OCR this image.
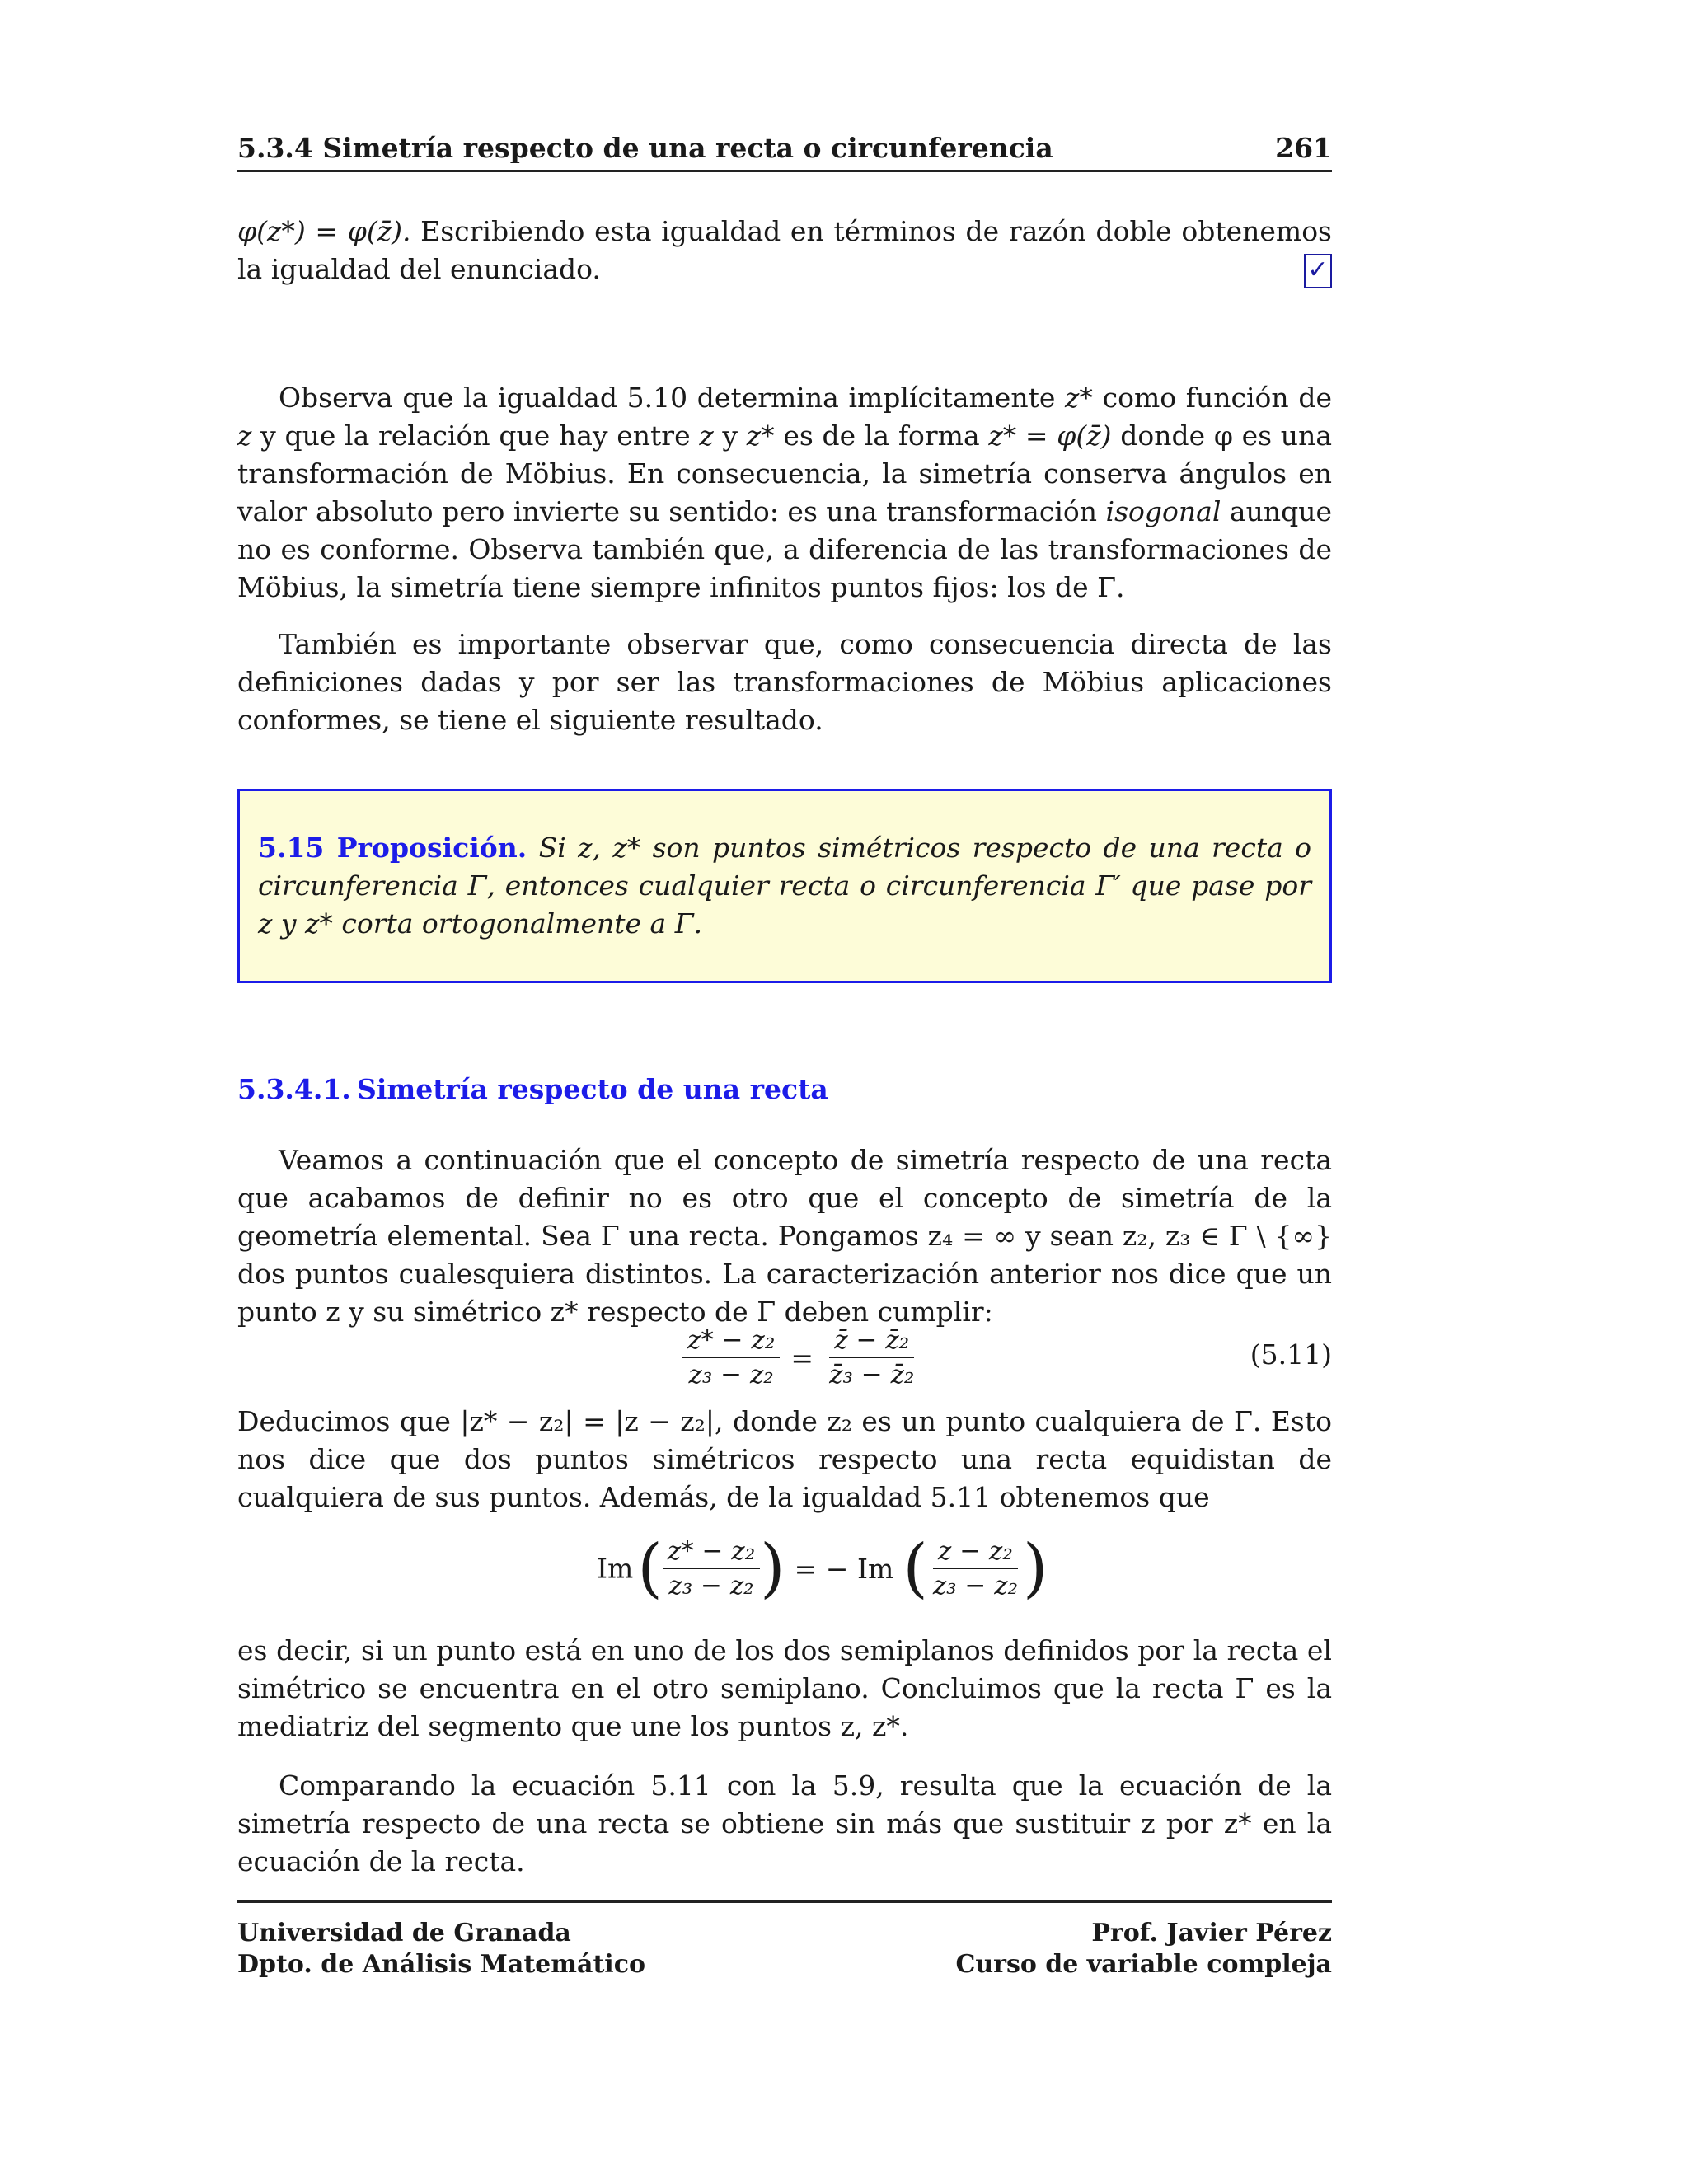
5.3.4 Simetría respecto de una recta o circunferencia	261
φ(z*) = φ(z̄). Escribiendo esta igualdad en términos de razón doble obtenemos la igualdad del enunciado.	✓
Observa que la igualdad 5.10 determina implícitamente z* como función de z y que la relación que hay entre z y z* es de la forma z* = φ(z̄) donde φ es una transformación de Möbius. En consecuencia, la simetría conserva ángulos en valor absoluto pero invierte su sentido: es una transformación isogonal aunque no es conforme. Observa también que, a diferencia de las transformaciones de Möbius, la simetría tiene siempre infinitos puntos fijos: los de Γ.
También es importante observar que, como consecuencia directa de las definiciones dadas y por ser las transformaciones de Möbius aplicaciones conformes, se tiene el siguiente resultado.
5.15 Proposición. Si z, z* son puntos simétricos respecto de una recta o circunferencia Γ, entonces cualquier recta o circunferencia Γ′ que pase por z y z* corta ortogonalmente a Γ.
5.3.4.1. Simetría respecto de una recta
Veamos a continuación que el concepto de simetría respecto de una recta que acabamos de definir no es otro que el concepto de simetría de la geometría elemental. Sea Γ una recta. Pongamos z₄ = ∞ y sean z₂, z₃ ∈ Γ \ {∞} dos puntos cualesquiera distintos. La caracterización anterior nos dice que un punto z y su simétrico z* respecto de Γ deben cumplir:
$\frac{\text{z* − z₂}}{\text{z₃ − z₂}} = \frac{\text{z̄ − z̄₂}}{\text{z̄₃ − z̄₂}}$	(5.11)
Deducimos que |z* − z₂| = |z − z₂|, donde z₂ es un punto cualquiera de Γ. Esto nos dice que dos puntos simétricos respecto una recta equidistan de cualquiera de sus puntos. Además, de la igualdad 5.11 obtenemos que
Im ( $\frac{\text{z* − z₂}}{\text{z₃ − z₂}}$ ) = − Im ( $\frac{\text{z − z₂}}{\text{z₃ − z₂}}$ )
es decir, si un punto está en uno de los dos semiplanos definidos por la recta el simétrico se encuentra en el otro semiplano. Concluimos que la recta Γ es la mediatriz del segmento que une los puntos z, z*.
Comparando la ecuación 5.11 con la 5.9, resulta que la ecuación de la simetría respecto de una recta se obtiene sin más que sustituir z por z* en la ecuación de la recta.
Universidad de Granada
Dpto. de Análisis Matemático
Prof. Javier Pérez
Curso de variable compleja
